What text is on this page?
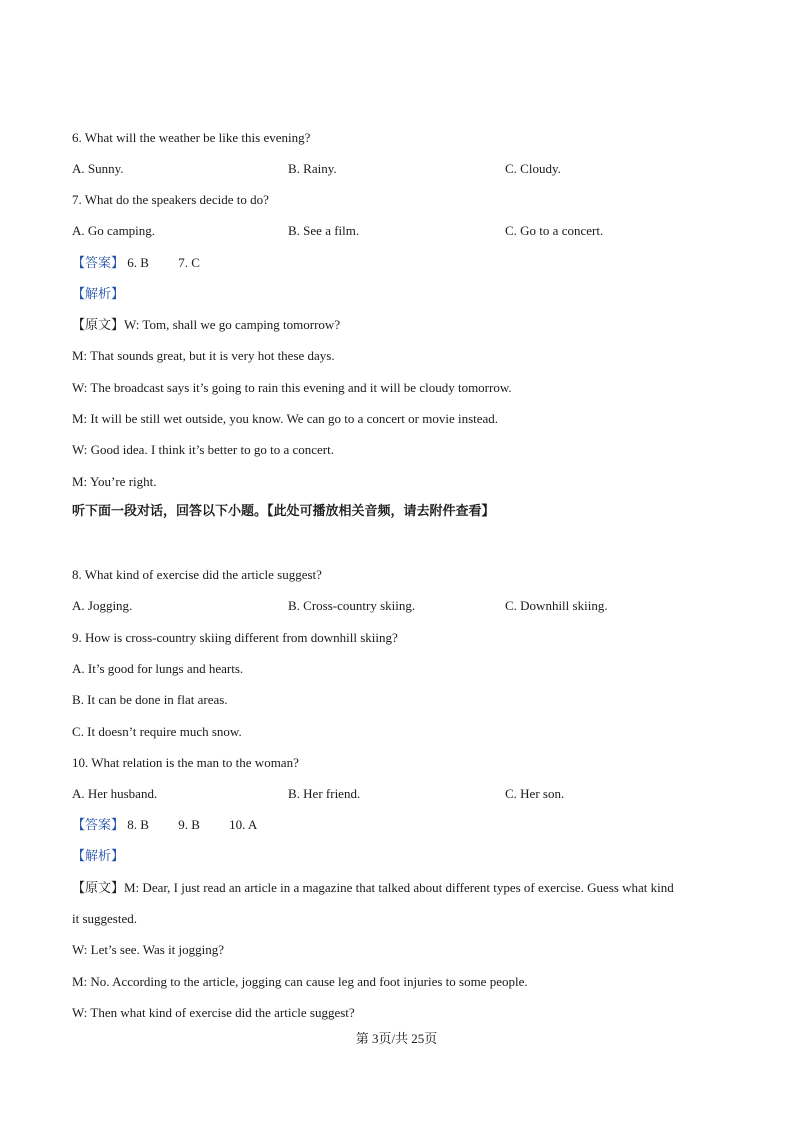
6. What will the weather be like this evening?
A. Sunny.	B. Rainy.	C. Cloudy.
7. What do the speakers decide to do?
A. Go camping.	B. See a film.	C. Go to a concert.
【答案】 6. B 7. C
【解析】
【原文】W: Tom, shall we go camping tomorrow?
M: That sounds great, but it is very hot these days.
W: The broadcast says it’s going to rain this evening and it will be cloudy tomorrow.
M: It will be still wet outside, you know. We can go to a concert or movie instead.
W: Good idea. I think it’s better to go to a concert.
M: You’re right.
听下面一段对话，回答以下小题。【此处可播放相关音频，请去附件查看】
8. What kind of exercise did the article suggest?
A. Jogging.	B. Cross-country skiing.	C. Downhill skiing.
9. How is cross-country skiing different from downhill skiing?
A. It’s good for lungs and hearts.
B. It can be done in flat areas.
C. It doesn’t require much snow.
10. What relation is the man to the woman?
A. Her husband.	B. Her friend.	C. Her son.
【答案】 8. B 9. B 10. A
【解析】
【原文】M: Dear, I just read an article in a magazine that talked about different types of exercise. Guess what kind
it suggested.
W: Let’s see. Was it jogging?
M: No. According to the article, jogging can cause leg and foot injuries to some people.
W: Then what kind of exercise did the article suggest?
第 3页/共 25页
